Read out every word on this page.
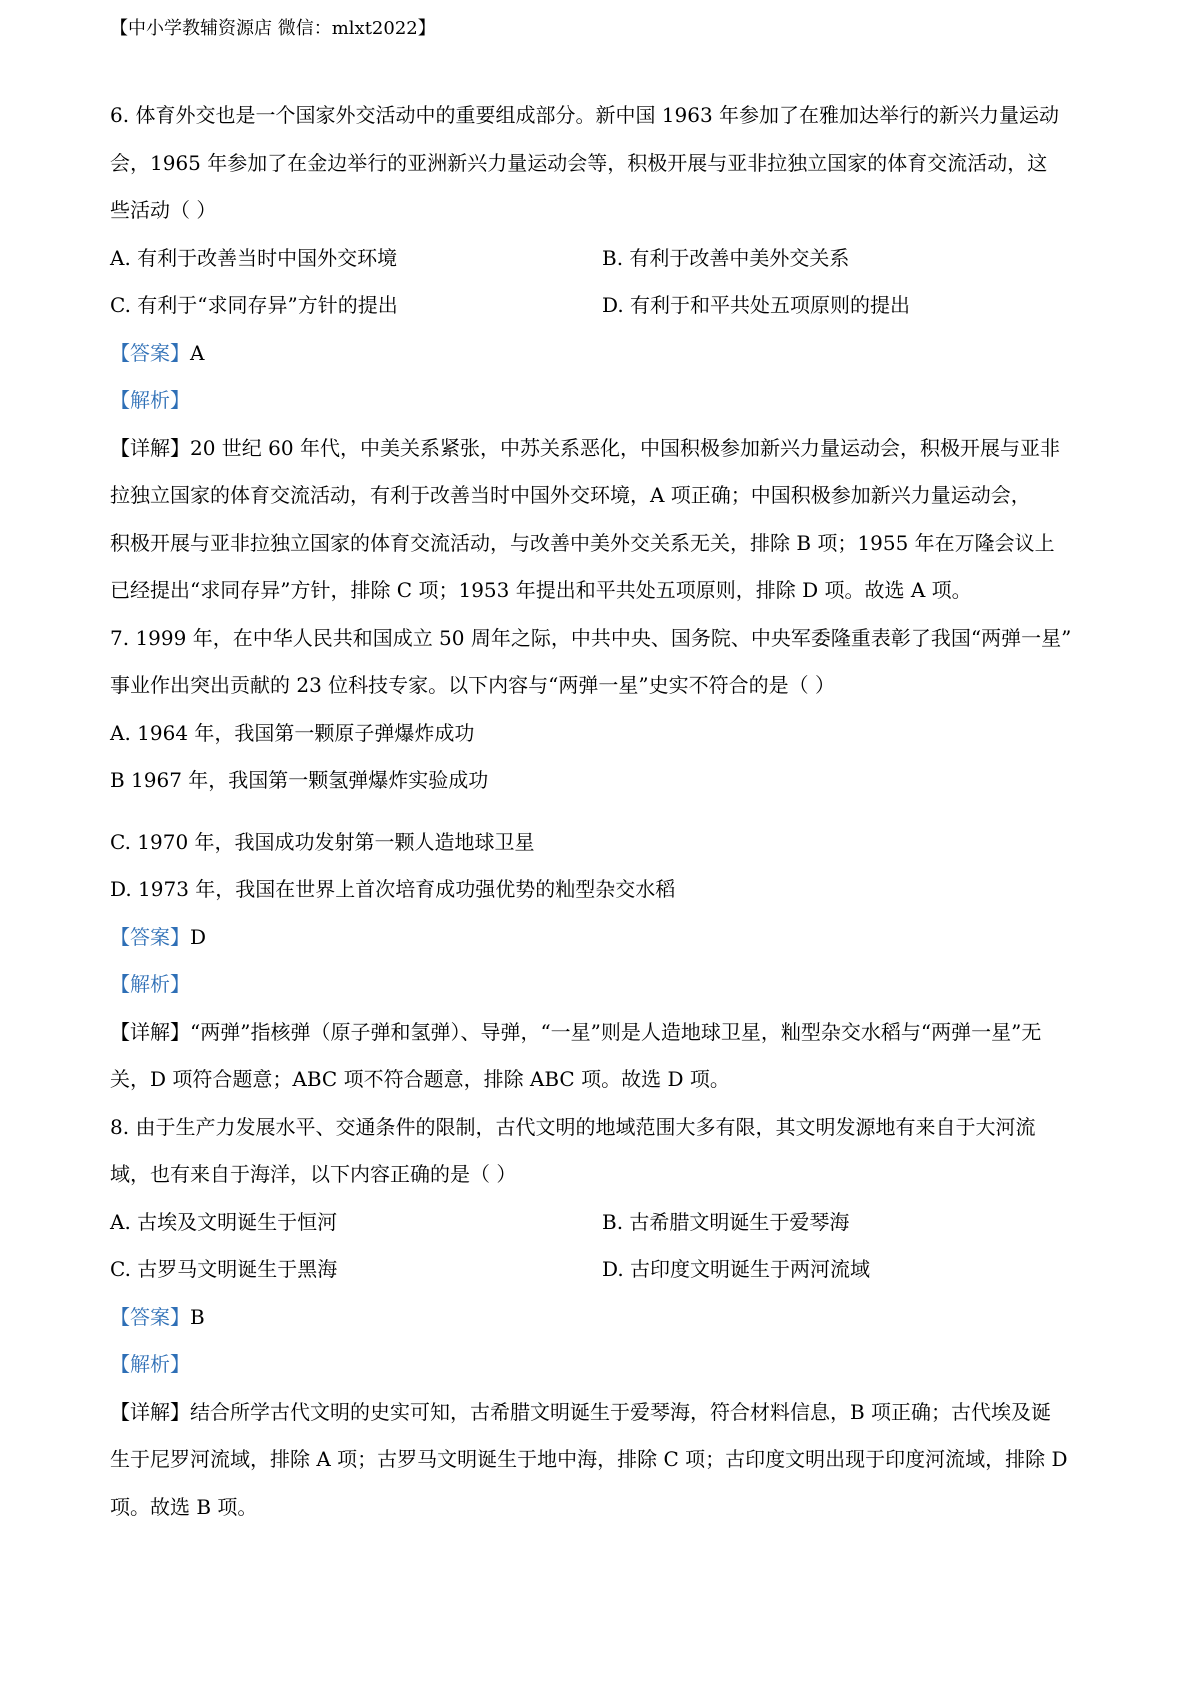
【中小学教辅资源店 微信：mlxt2022】

6. 体育外交也是一个国家外交活动中的重要组成部分。新中国 1963 年参加了在雅加达举行的新兴力量运动

会，1965 年参加了在金边举行的亚洲新兴力量运动会等，积极开展与亚非拉独立国家的体育交流活动，这

些活动（ ）

A. 有利于改善当时中国外交环境	B. 有利于改善中美外交关系
C. 有利于“求同存异”方针的提出	D. 有利于和平共处五项原则的提出

【答案】A

【解析】

【详解】20 世纪 60 年代，中美关系紧张，中苏关系恶化，中国积极参加新兴力量运动会，积极开展与亚非

拉独立国家的体育交流活动，有利于改善当时中国外交环境，A 项正确；中国积极参加新兴力量运动会，

积极开展与亚非拉独立国家的体育交流活动，与改善中美外交关系无关，排除 B 项；1955 年在万隆会议上

已经提出“求同存异”方针，排除 C 项；1953 年提出和平共处五项原则，排除 D 项。故选 A 项。

7. 1999 年，在中华人民共和国成立 50 周年之际，中共中央、国务院、中央军委隆重表彰了我国“两弹一星”

事业作出突出贡献的 23 位科技专家。以下内容与“两弹一星”史实不符合的是（ ）

A. 1964 年，我国第一颗原子弹爆炸成功

B 1967 年，我国第一颗氢弹爆炸实验成功

C. 1970 年，我国成功发射第一颗人造地球卫星

D. 1973 年，我国在世界上首次培育成功强优势的籼型杂交水稻

【答案】D

【解析】

【详解】“两弹”指核弹（原子弹和氢弹）、导弹，“一星”则是人造地球卫星，籼型杂交水稻与“两弹一星”无

关，D 项符合题意；ABC 项不符合题意，排除 ABC 项。故选 D 项。

8. 由于生产力发展水平、交通条件的限制，古代文明的地域范围大多有限，其文明发源地有来自于大河流

域，也有来自于海洋，以下内容正确的是（ ）

A. 古埃及文明诞生于恒河	B. 古希腊文明诞生于爱琴海
C. 古罗马文明诞生于黑海	D. 古印度文明诞生于两河流域

【答案】B

【解析】

【详解】结合所学古代文明的史实可知，古希腊文明诞生于爱琴海，符合材料信息，B 项正确；古代埃及诞

生于尼罗河流域，排除 A 项；古罗马文明诞生于地中海，排除 C 项；古印度文明出现于印度河流域，排除 D

项。故选 B 项。
